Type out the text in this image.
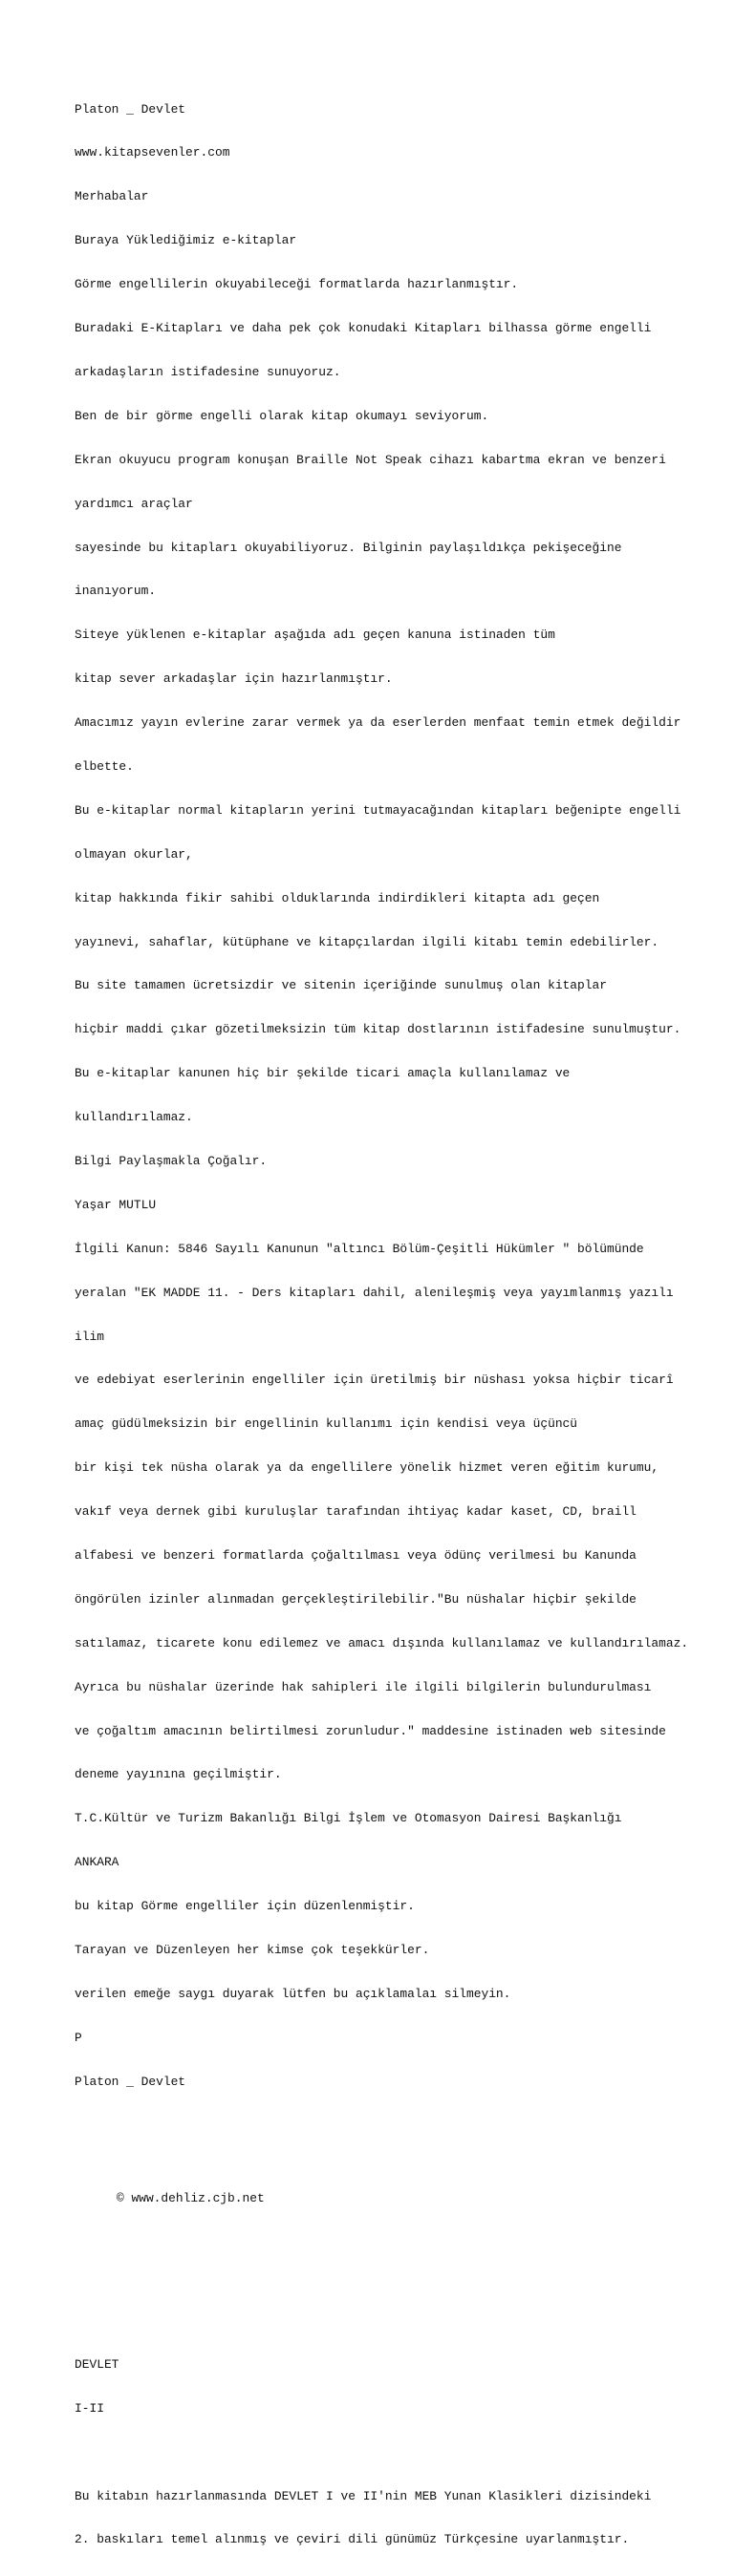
Platon _ Devlet

www.kitapsevenler.com

Merhabalar

Buraya Yüklediğimiz e-kitaplar

Görme engellilerin okuyabileceği formatlarda hazırlanmıştır.

Buradaki E-Kitapları ve daha pek çok konudaki Kitapları bilhassa görme engelli

arkadaşların istifadesine sunuyoruz.

Ben de bir görme engelli olarak kitap okumayı seviyorum.

Ekran okuyucu program konuşan Braille Not Speak cihazı kabartma ekran ve benzeri

yardımcı araçlar

sayesinde bu kitapları okuyabiliyoruz. Bilginin paylaşıldıkça pekişeceğine

inanıyorum.

Siteye yüklenen e-kitaplar aşağıda adı geçen kanuna istinaden tüm

kitap sever arkadaşlar için hazırlanmıştır.

Amacımız yayın evlerine zarar vermek ya da eserlerden menfaat temin etmek değildir

elbette.

Bu e-kitaplar normal kitapların yerini tutmayacağından kitapları beğenipte engelli

olmayan okurlar,

kitap hakkında fikir sahibi olduklarında indirdikleri kitapta adı geçen

yayınevi, sahaflar, kütüphane ve kitapçılardan ilgili kitabı temin edebilirler.

Bu site tamamen ücretsizdir ve sitenin içeriğinde sunulmuş olan kitaplar

hiçbir maddi çıkar gözetilmeksizin tüm kitap dostlarının istifadesine sunulmuştur.

Bu e-kitaplar kanunen hiç bir şekilde ticari amaçla kullanılamaz ve

kullandırılamaz.

Bilgi Paylaşmakla Çoğalır.

Yaşar MUTLU

İlgili Kanun: 5846 Sayılı Kanunun "altıncı Bölüm-Çeşitli Hükümler " bölümünde

yeralan "EK MADDE 11. - Ders kitapları dahil, alenileşmiş veya yayımlanmış yazılı

ilim

ve edebiyat eserlerinin engelliler için üretilmiş bir nüshası yoksa hiçbir ticarî

amaç güdülmeksizin bir engellinin kullanımı için kendisi veya üçüncü

bir kişi tek nüsha olarak ya da engellilere yönelik hizmet veren eğitim kurumu,

vakıf veya dernek gibi kuruluşlar tarafından ihtiyaç kadar kaset, CD, braill

alfabesi ve benzeri formatlarda çoğaltılması veya ödünç verilmesi bu Kanunda

öngörülen izinler alınmadan gerçekleştirilebilir."Bu nüshalar hiçbir şekilde

satılamaz, ticarete konu edilemez ve amacı dışında kullanılamaz ve kullandırılamaz.

Ayrıca bu nüshalar üzerinde hak sahipleri ile ilgili bilgilerin bulundurulması

ve çoğaltım amacının belirtilmesi zorunludur." maddesine istinaden web sitesinde

deneme yayınına geçilmiştir.

T.C.Kültür ve Turizm Bakanlığı Bilgi İşlem ve Otomasyon Dairesi Başkanlığı

ANKARA

bu kitap Görme engelliler için düzenlenmiştir.

Tarayan ve Düzenleyen her kimse çok teşekkürler.

verilen emeğe saygı duyarak lütfen bu açıklamalaı silmeyin.

P

Platon _ Devlet

© www.dehliz.cjb.net

DEVLET

I-II

Bu kitabın hazırlanmasında DEVLET I ve II'nin MEB Yunan Klasikleri dizisindeki

2. baskıları temel alınmış ve çeviri dili günümüz Türkçesine uyarlanmıştır.
